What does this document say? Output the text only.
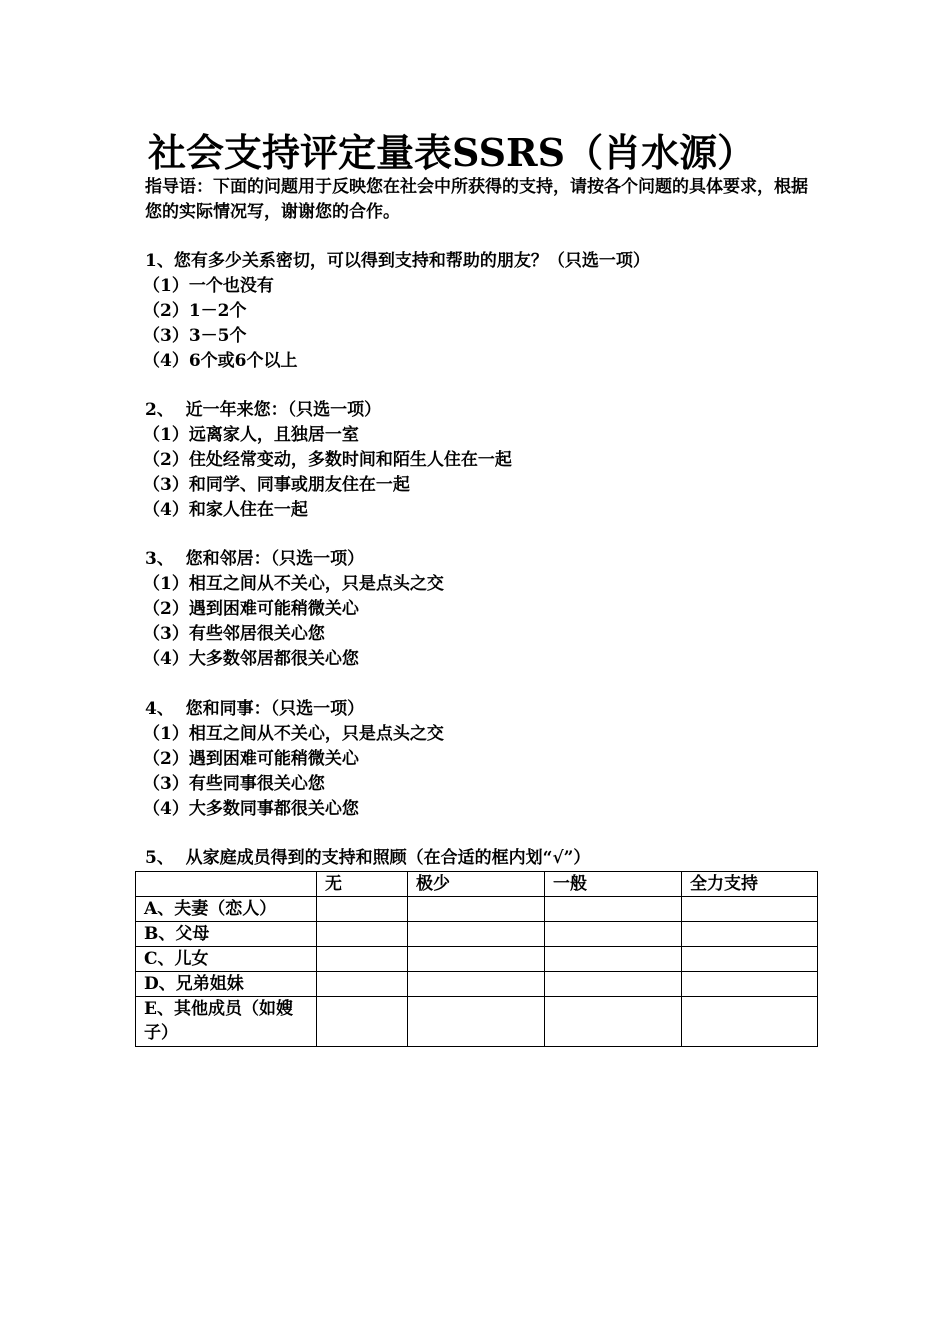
社会支持评定量表SSRS（肖水源）
指导语：下面的问题用于反映您在社会中所获得的支持，请按各个问题的具体要求，根据您的实际情况写，谢谢您的合作。
1、您有多少关系密切，可以得到支持和帮助的朋友？（只选一项）
（1）一个也没有
（2）1－2个
（3）3－5个
（4）6个或6个以上
2、  近一年来您：（只选一项）
（1）远离家人，且独居一室
（2）住处经常变动，多数时间和陌生人住在一起
（3）和同学、同事或朋友住在一起
（4）和家人住在一起
3、  您和邻居：（只选一项）
（1）相互之间从不关心，只是点头之交
（2）遇到困难可能稍微关心
（3）有些邻居很关心您
（4）大多数邻居都很关心您
4、  您和同事：（只选一项）
（1）相互之间从不关心，只是点头之交
（2）遇到困难可能稍微关心
（3）有些同事很关心您
（4）大多数同事都很关心您
5、  从家庭成员得到的支持和照顾（在合适的框内划“√”）
	无	极少	一般	全力支持
A、夫妻（恋人）				
B、父母				
C、儿女				
D、兄弟姐妹				
E、其他成员（如嫂子）				
